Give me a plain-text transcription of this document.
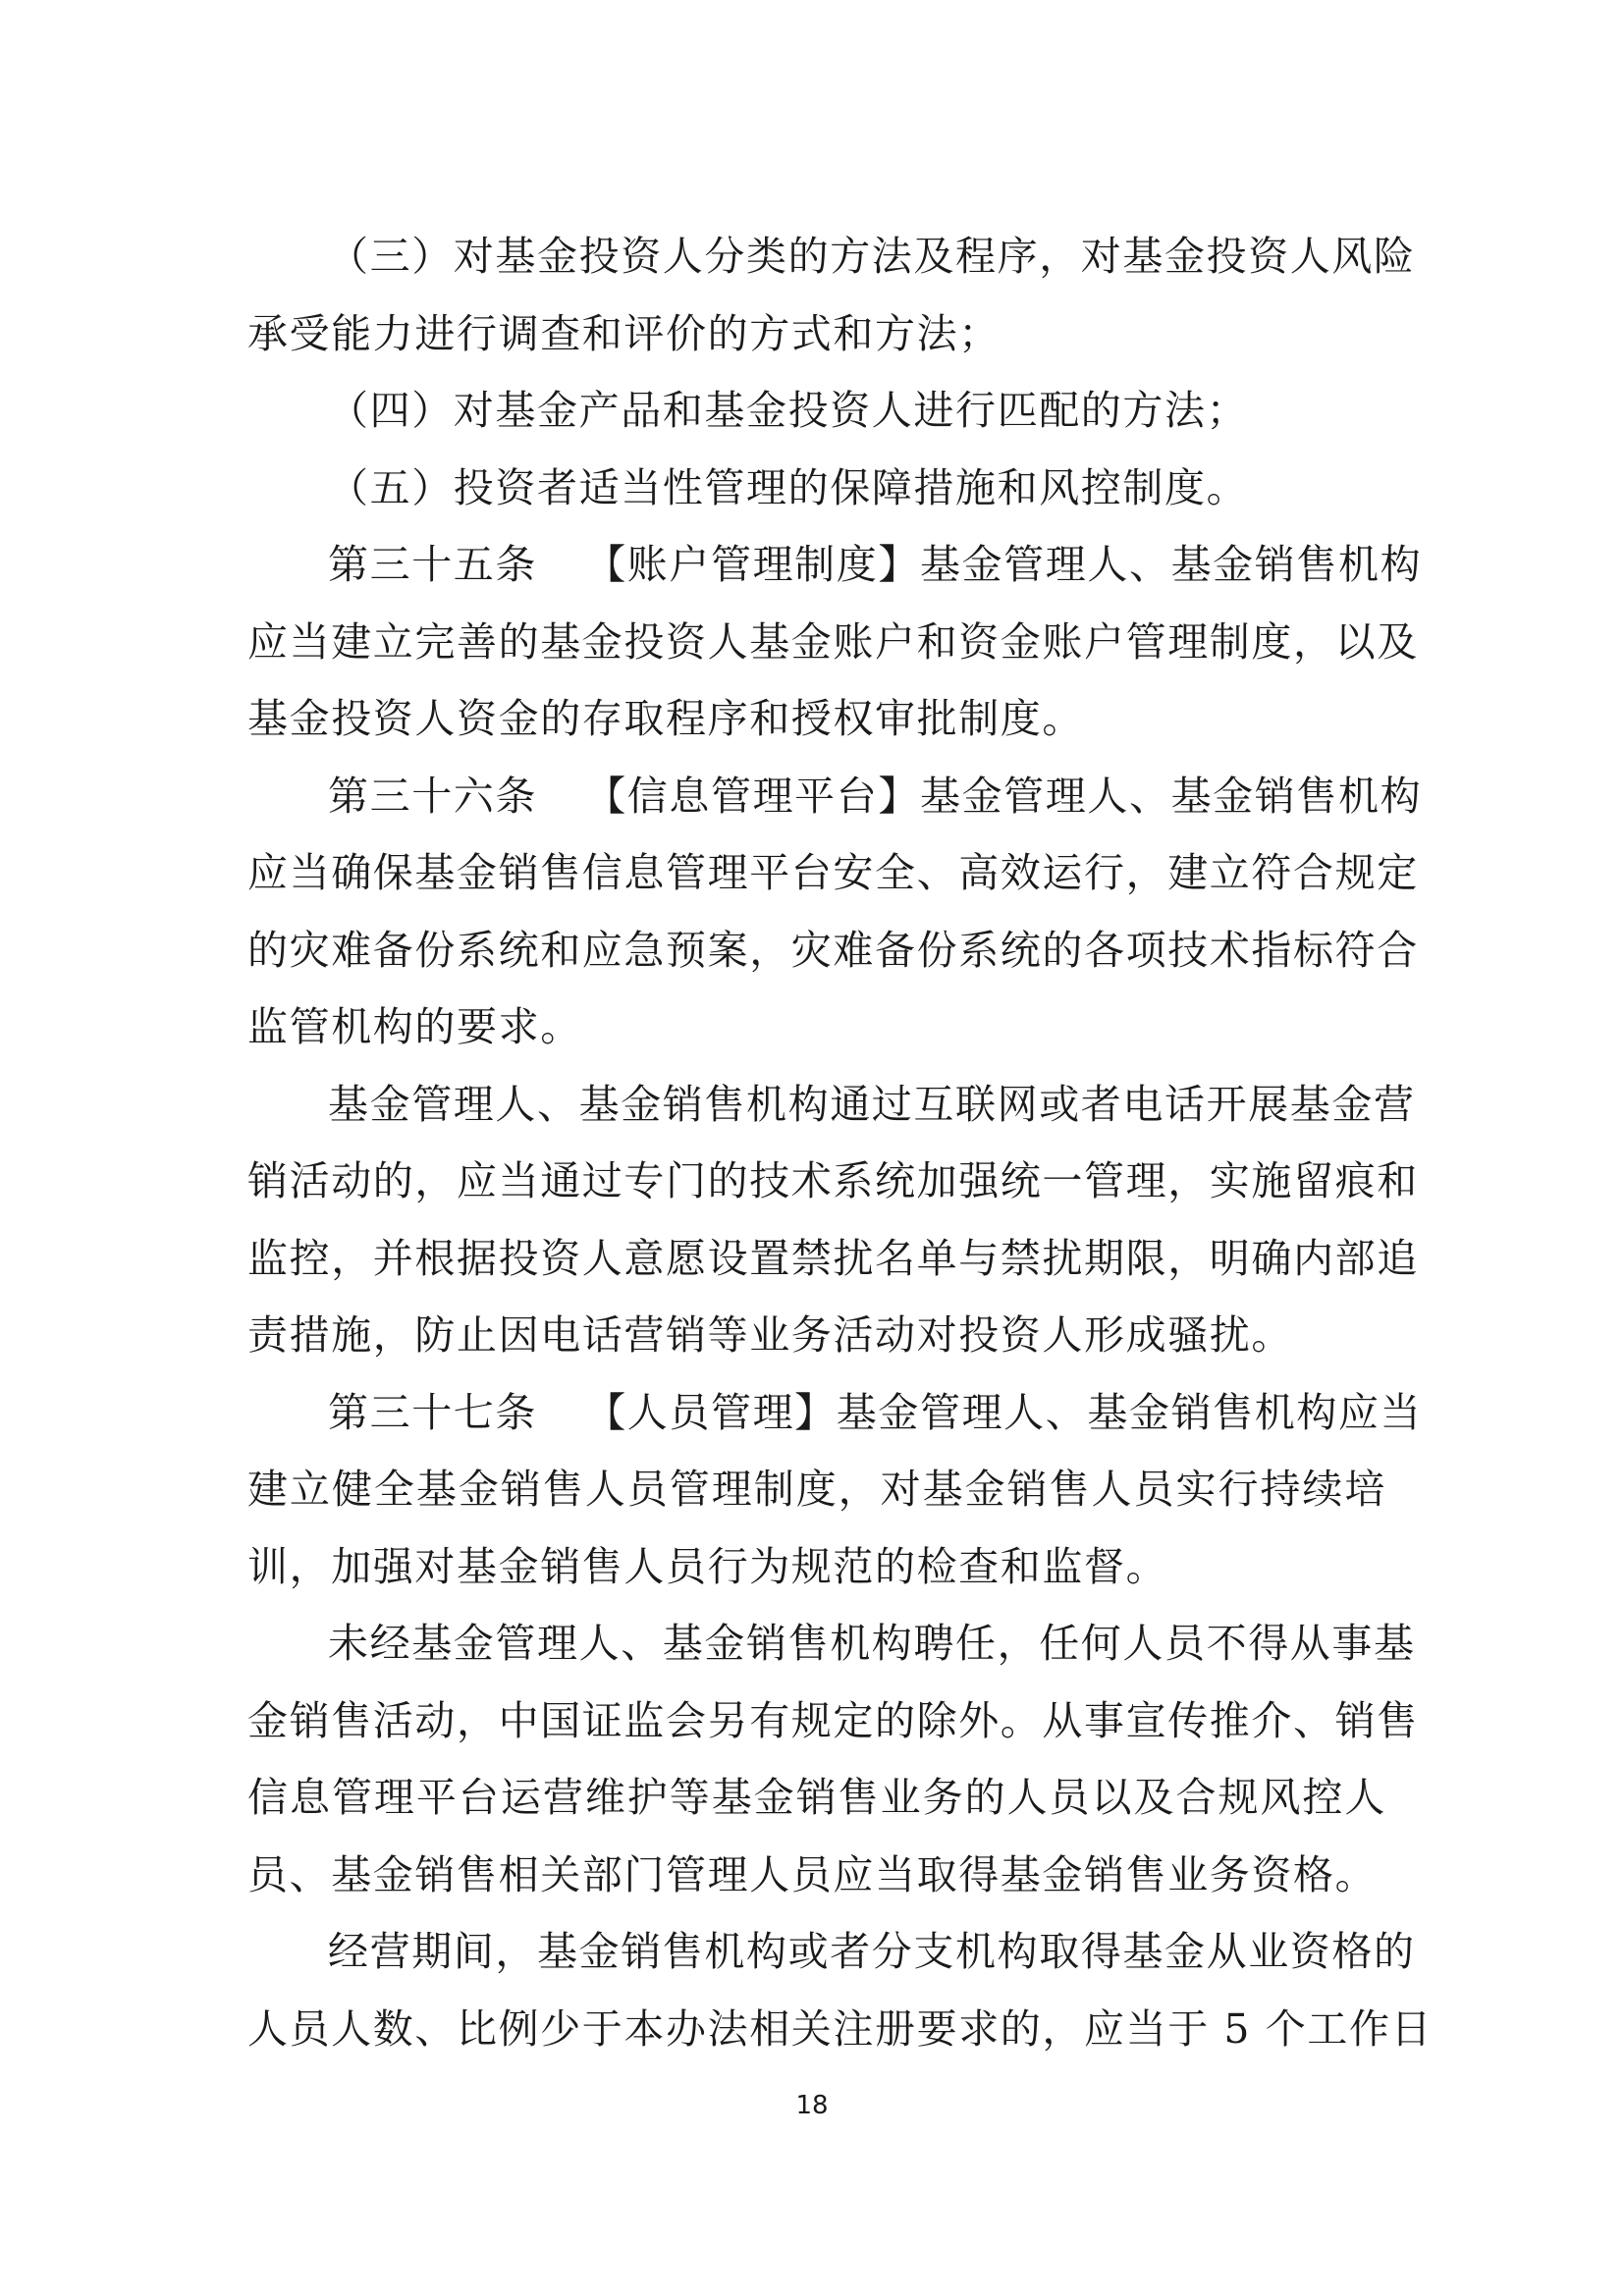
（三）对基金投资人分类的方法及程序，对基金投资人风险
承受能力进行调查和评价的方式和方法；

（四）对基金产品和基金投资人进行匹配的方法；

（五）投资者适当性管理的保障措施和风控制度。

第三十五条 【账户管理制度】基金管理人、基金销售机构
应当建立完善的基金投资人基金账户和资金账户管理制度，以及
基金投资人资金的存取程序和授权审批制度。

第三十六条 【信息管理平台】基金管理人、基金销售机构
应当确保基金销售信息管理平台安全、高效运行，建立符合规定
的灾难备份系统和应急预案，灾难备份系统的各项技术指标符合
监管机构的要求。

基金管理人、基金销售机构通过互联网或者电话开展基金营
销活动的，应当通过专门的技术系统加强统一管理，实施留痕和
监控，并根据投资人意愿设置禁扰名单与禁扰期限，明确内部追
责措施，防止因电话营销等业务活动对投资人形成骚扰。

第三十七条 【人员管理】基金管理人、基金销售机构应当
建立健全基金销售人员管理制度，对基金销售人员实行持续培
训，加强对基金销售人员行为规范的检查和监督。

未经基金管理人、基金销售机构聘任，任何人员不得从事基
金销售活动，中国证监会另有规定的除外。从事宣传推介、销售
信息管理平台运营维护等基金销售业务的人员以及合规风控人
员、基金销售相关部门管理人员应当取得基金销售业务资格。

经营期间，基金销售机构或者分支机构取得基金从业资格的
人员人数、比例少于本办法相关注册要求的，应当于 5 个工作日

18
